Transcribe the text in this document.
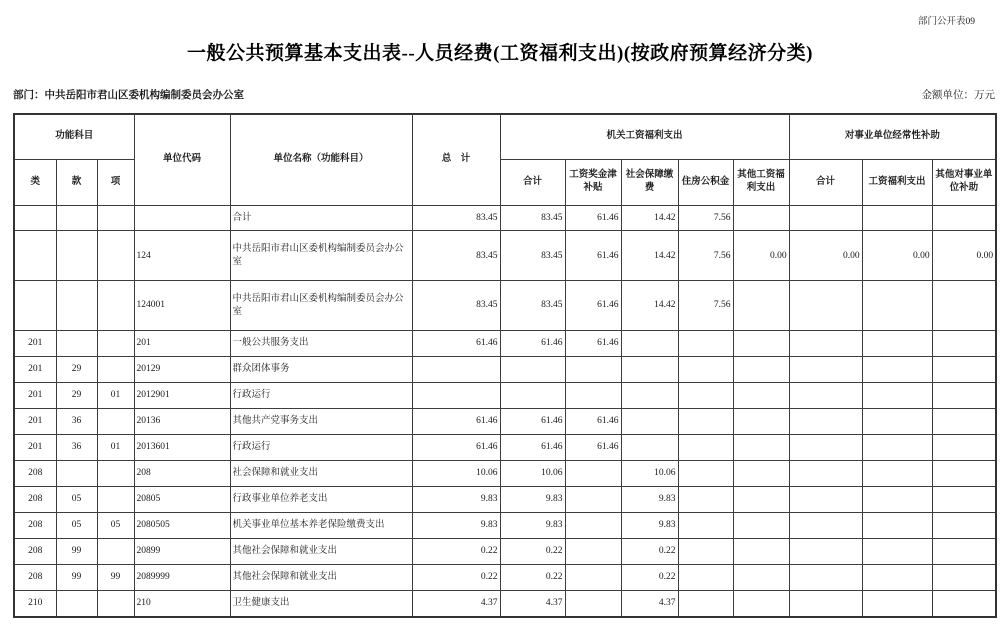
部门公开表09
一般公共预算基本支出表--人员经费(工资福利支出)(按政府预算经济分类)
部门：中共岳阳市君山区委机构编制委员会办公室	金额单位：万元
功能科目			单位代码	单位名称（功能科目）	总　计	机关工资福利支出					对事业单位经常性补助		
类	款	项				合计	工资奖金津补贴	社会保障缴费	住房公积金	其他工资福利支出	合计	工资福利支出	其他对事业单位补助
				合计	83.45	83.45	61.46	14.42	7.56				
			124	中共岳阳市君山区委机构编制委员会办公室	83.45	83.45	61.46	14.42	7.56	0.00	0.00	0.00	0.00
			124001	中共岳阳市君山区委机构编制委员会办公室	83.45	83.45	61.46	14.42	7.56				
201			201	一般公共服务支出	61.46	61.46	61.46						
201	29		20129	群众团体事务									
201	29	01	2012901	行政运行									
201	36		20136	其他共产党事务支出	61.46	61.46	61.46						
201	36	01	2013601	行政运行	61.46	61.46	61.46						
208			208	社会保障和就业支出	10.06	10.06		10.06					
208	05		20805	行政事业单位养老支出	9.83	9.83		9.83					
208	05	05	2080505	机关事业单位基本养老保险缴费支出	9.83	9.83		9.83					
208	99		20899	其他社会保障和就业支出	0.22	0.22		0.22					
208	99	99	2089999	其他社会保障和就业支出	0.22	0.22		0.22					
210			210	卫生健康支出	4.37	4.37		4.37					
